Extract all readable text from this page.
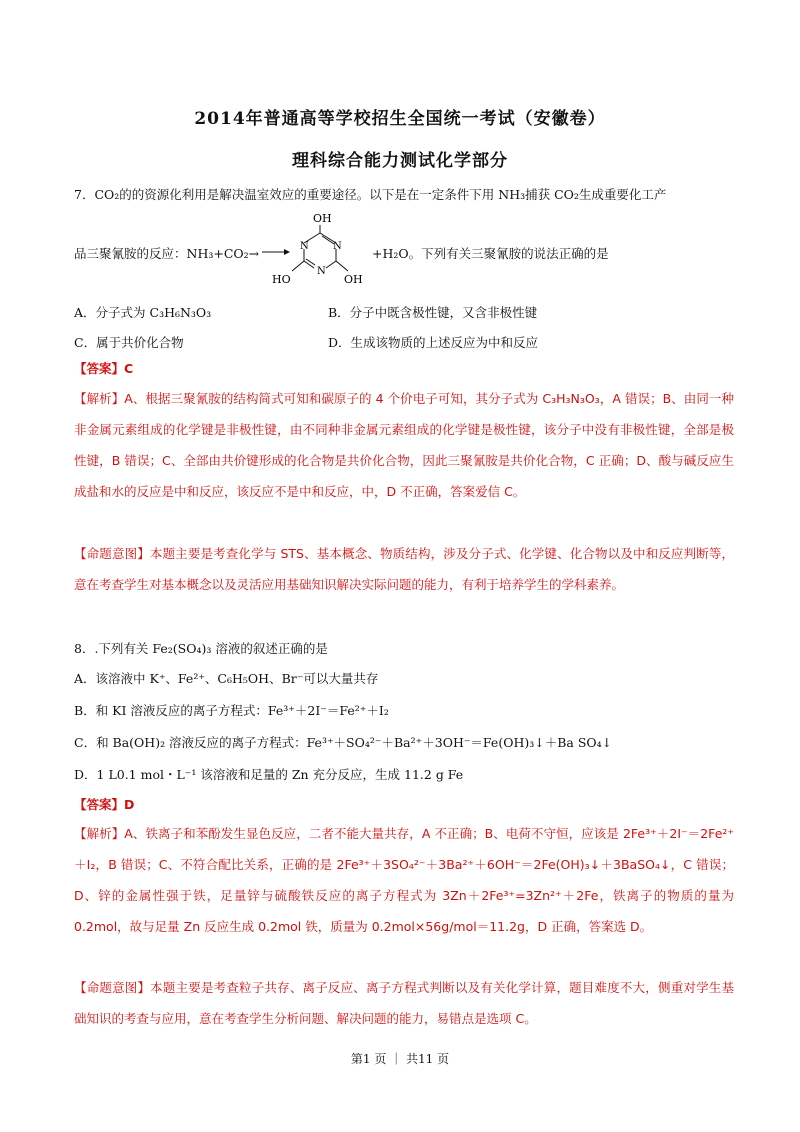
2014年普通高等学校招生全国统一考试（安徽卷）
理科综合能力测试化学部分
7．CO₂的的资源化利用是解决温室效应的重要途径。以下是在一定条件下用 NH₃捕获 CO₂生成重要化工产
品三聚氰胺的反应：NH₃+CO₂→
OH
N N
N
HO	OH
+H₂O。下列有关三聚氰胺的说法正确的是
A．分子式为 C₃H₆N₃O₃	B．分子中既含极性键，又含非极性键
C．属于共价化合物	D．生成该物质的上述反应为中和反应
【答案】C
【解析】A、根据三聚氰胺的结构简式可知和碳原子的 4 个价电子可知，其分子式为 C₃H₃N₃O₃，A 错误；B、由同一种非金属元素组成的化学键是非极性键，由不同种非金属元素组成的化学键是极性键，该分子中没有非极性键，全部是极性键，B 错误；C、全部由共价键形成的化合物是共价化合物，因此三聚氰胺是共价化合物，C 正确；D、酸与碱反应生成盐和水的反应是中和反应，该反应不是中和反应，中，D 不正确，答案爱信 C。
【命题意图】本题主要是考查化学与 STS、基本概念、物质结构，涉及分子式、化学键、化合物以及中和反应判断等，意在考查学生对基本概念以及灵活应用基础知识解决实际问题的能力，有利于培养学生的学科素养。
8．.下列有关 Fe₂(SO₄)₃ 溶液的叙述正确的是
A．该溶液中 K⁺、Fe²⁺、C₆H₅OH、Br⁻可以大量共存
B．和 KI 溶液反应的离子方程式：Fe³⁺＋2I⁻＝Fe²⁺＋I₂
C．和 Ba(OH)₂ 溶液反应的离子方程式：Fe³⁺＋SO₄²⁻＋Ba²⁺＋3OH⁻＝Fe(OH)₃↓＋Ba SO₄↓
D．1 L0.1 mol・L⁻¹ 该溶液和足量的 Zn 充分反应，生成 11.2 g Fe
【答案】D
【解析】A、铁离子和苯酚发生显色反应，二者不能大量共存，A 不正确；B、电荷不守恒，应该是 2Fe³⁺＋2I⁻＝2Fe²⁺＋I₂，B 错误；C、不符合配比关系，正确的是 2Fe³⁺＋3SO₄²⁻＋3Ba²⁺＋6OH⁻＝2Fe(OH)₃↓＋3BaSO₄↓，C 错误；D、锌的金属性强于铁，足量锌与硫酸铁反应的离子方程式为 3Zn＋2Fe³⁺=3Zn²⁺＋2Fe，铁离子的物质的量为 0.2mol，故与足量 Zn 反应生成 0.2mol 铁，质量为 0.2mol×56g/mol＝11.2g，D 正确，答案选 D。
【命题意图】本题主要是考查粒子共存、离子反应、离子方程式判断以及有关化学计算，题目难度不大，侧重对学生基础知识的考查与应用，意在考查学生分析问题、解决问题的能力，易错点是选项 C。
第1 页 ｜ 共11 页
